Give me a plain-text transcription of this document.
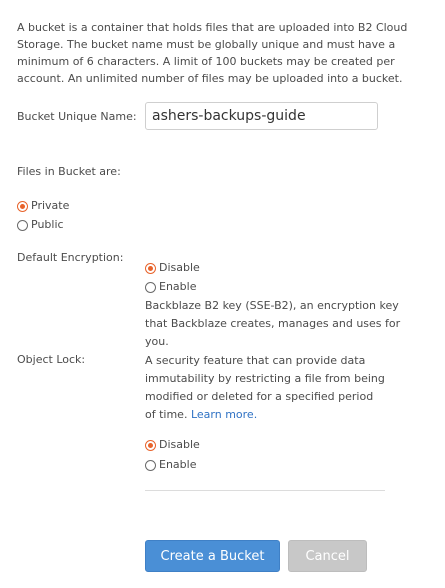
A bucket is a container that holds files that are uploaded into B2 Cloud Storage. The bucket name must be globally unique and must have a minimum of 6 characters. A limit of 100 buckets may be created per account. An unlimited number of files may be uploaded into a bucket.
Bucket Unique Name:
ashers-backups-guide
Files in Bucket are:
Private
Public
Default Encryption:
Disable
Enable
Backblaze B2 key (SSE-B2), an encryption key that Backblaze creates, manages and uses for you.
Object Lock:	A security feature that can provide data immutability by restricting a file from being modified or deleted for a specified period of time. Learn more.
Disable
Enable
Create a Bucket	Cancel
